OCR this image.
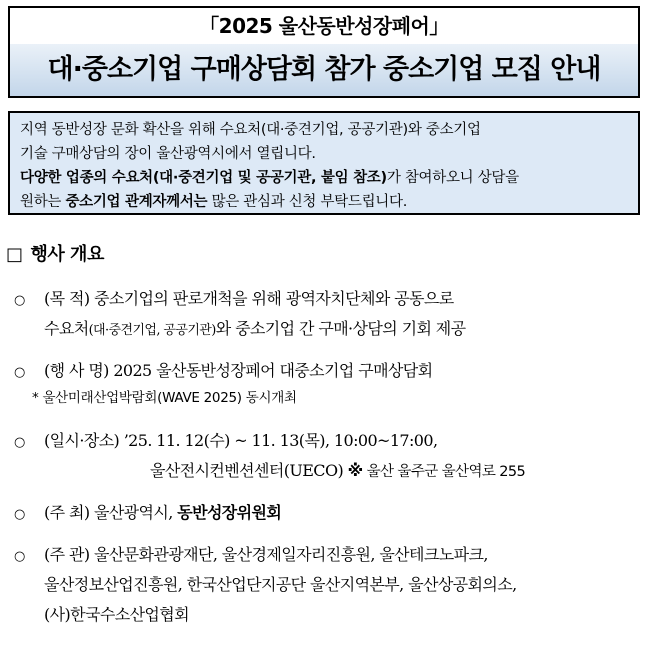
「2025 울산동반성장페어」
대·중소기업 구매상담회 참가 중소기업 모집 안내
지역 동반성장 문화 확산을 위해 수요처(대·중견기업, 공공기관)와 중소기업
기술 구매상담의 장이 울산광역시에서 열립니다.
다양한 업종의 수요처(대·중견기업 및 공공기관, 붙임 참조)가 참여하오니 상담을
원하는 중소기업 관계자께서는 많은 관심과 신청 부탁드립니다.
□ 행사 개요
○ (목 적) 중소기업의 판로개척을 위해 광역자치단체와 공동으로
수요처(대·중견기업, 공공기관)와 중소기업 간 구매·상담의 기회 제공
○ (행 사 명) 2025 울산동반성장페어 대중소기업 구매상담회
* 울산미래산업박람회(WAVE 2025) 동시개최
○ (일시·장소) ’25. 11. 12(수) ~ 11. 13(목), 10:00~17:00,
울산전시컨벤션센터(UECO) ※ 울산 울주군 울산역로 255
○ (주 최) 울산광역시, 동반성장위원회
○ (주 관) 울산문화관광재단, 울산경제일자리진흥원, 울산테크노파크,
울산정보산업진흥원, 한국산업단지공단 울산지역본부, 울산상공회의소,
(사)한국수소산업협회
